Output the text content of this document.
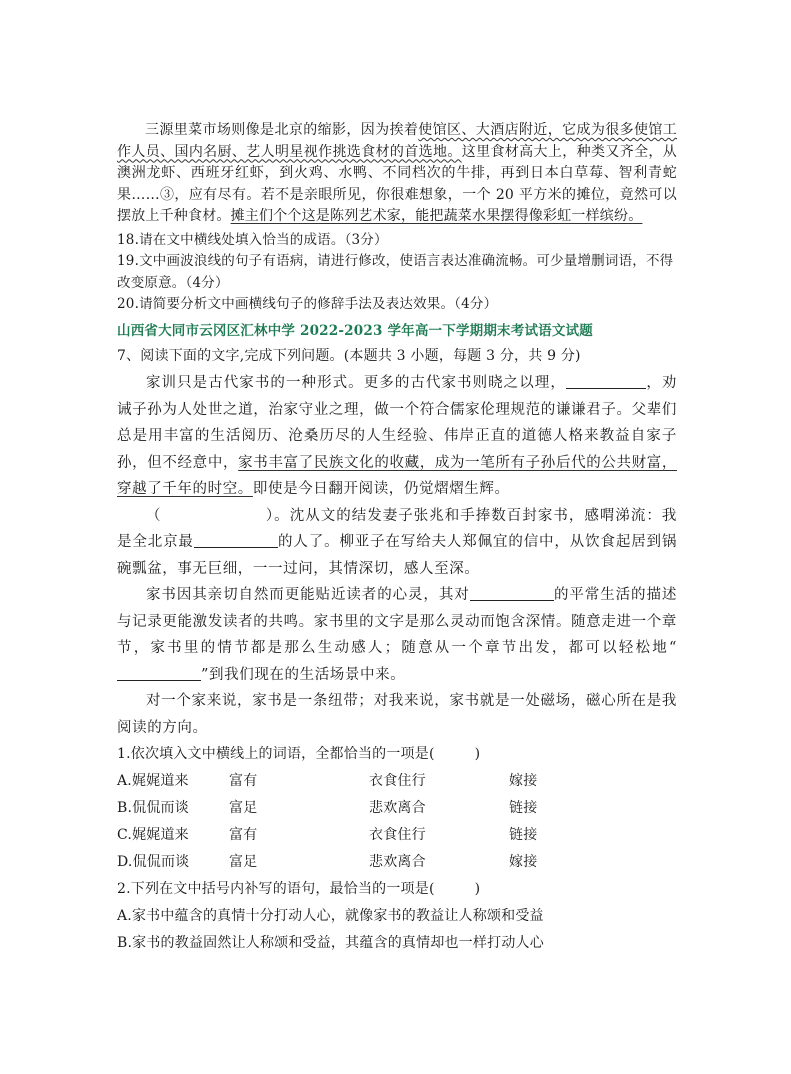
三源里菜市场则像是北京的缩影，因为挨着使馆区、大酒店附近，它成为很多使馆工作人员、国内名厨、艺人明星视作挑选食材的首选地。这里食材高大上，种类又齐全，从澳洲龙虾、西班牙红虾，到火鸡、水鸭、不同档次的牛排，再到日本白草莓、智利青蛇果……③，应有尽有。若不是亲眼所见，你很难想象，一个 20 平方米的摊位，竟然可以摆放上千种食材。摊主们个个这是陈列艺术家，能把蔬菜水果摆得像彩虹一样缤纷。

18.请在文中横线处填入恰当的成语。（3分）

19.文中画波浪线的句子有语病，请进行修改，使语言表达准确流畅。可少量增删词语，不得改变原意。（4分）

20.请简要分析文中画横线句子的修辞手法及表达效果。（4分）

山西省大同市云冈区汇林中学 2022-2023 学年高一下学期期末考试语文试题

7、阅读下面的文字,完成下列问题。(本题共 3 小题，每题 3 分，共 9 分)

家训只是古代家书的一种形式。更多的古代家书则晓之以理，	，劝诫子孙为人处世之道，治家守业之理，做一个符合儒家伦理规范的谦谦君子。父辈们总是用丰富的生活阅历、沧桑历尽的人生经验、伟岸正直的道德人格来教益自家子孙，但不经意中，家书丰富了民族文化的收藏，成为一笔所有子孙后代的公共财富，穿越了千年的时空。即使是今日翻开阅读，仍觉熠熠生辉。

（	）。沈从文的结发妻子张兆和手捧数百封家书，感喟涕流：我是全北京最	的人了。柳亚子在写给夫人郑佩宜的信中，从饮食起居到锅碗瓢盆，事无巨细，一一过问，其情深切，感人至深。

家书因其亲切自然而更能贴近读者的心灵，其对	的平常生活的描述与记录更能激发读者的共鸣。家书里的文字是那么灵动而饱含深情。随意走进一个章节，家书里的情节都是那么生动感人；随意从一个章节出发，都可以轻松地“”到我们现在的生活场景中来。

对一个家来说，家书是一条纽带；对我来说，家书就是一处磁场，磁心所在是我阅读的方向。

1.依次填入文中横线上的词语，全都恰当的一项是(	)

A.娓娓道来	富有	衣食住行	嫁接
B.侃侃而谈	富足	悲欢离合	链接
C.娓娓道来	富有	衣食住行	链接
D.侃侃而谈	富足	悲欢离合	嫁接

2.下列在文中括号内补写的语句，最恰当的一项是(	)

A.家书中蕴含的真情十分打动人心，就像家书的教益让人称颂和受益

B.家书的教益固然让人称颂和受益，其蕴含的真情却也一样打动人心
